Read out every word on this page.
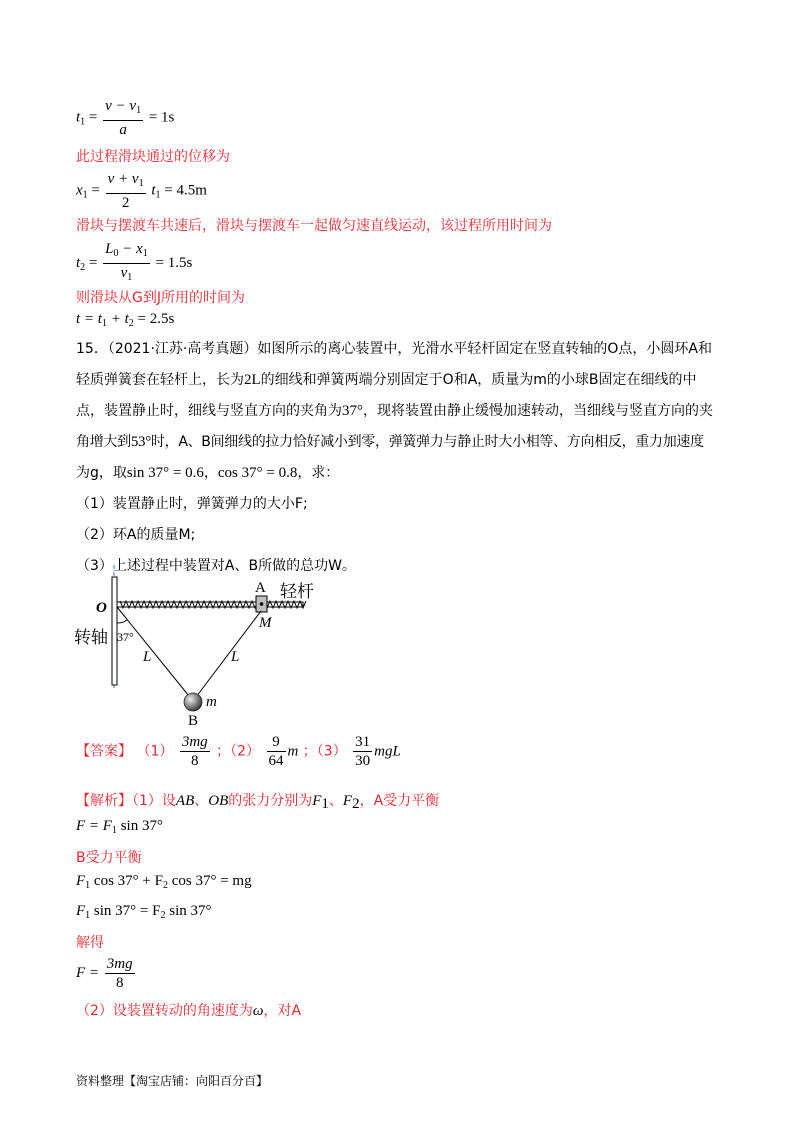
$t_1 = \frac{v - v_1}{a} = 1s$
此过程滑块通过的位移为
$x_1 = \frac{v + v_1}{2} t_1 = 4.5m$
滑块与摆渡车共速后，滑块与摆渡车一起做匀速直线运动，该过程所用时间为
$t_2 = \frac{L_0 - x_1}{v_1} = 1.5s$
则滑块从G到J所用的时间为
$t = t_1 + t_2 = 2.5s$
15．（2021·江苏·高考真题）如图所示的离心装置中，光滑水平轻杆固定在竖直转轴的O点，小圆环A和
轻质弹簧套在轻杆上，长为2L的细线和弹簧两端分别固定于O和A，质量为m的小球B固定在细线的中
点，装置静止时，细线与竖直方向的夹角为37°，现将装置由静止缓慢加速转动，当细线与竖直方向的夹
角增大到53°时，A、B间细线的拉力恰好减小到零，弹簧弹力与静止时大小相等、方向相反，重力加速度
为g，取sin 37° = 0.6，cos 37° = 0.8，求：
（1）装置静止时，弹簧弹力的大小F;
（2）环A的质量M;
（3）上述过程中装置对A、B所做的总功W。
A 轻杆
O
M
转轴 37°
L	L
m
B
【答案】 $(1) \frac{3mg}{8}$ ；$(2) \frac{9}{64}$ m ；$(3) \frac{31}{30}$ mgL
【解析】（1）设AB、OB的张力分别为$F_1$、$F_2$，A受力平衡
$F = F_1$ sin 37°
B受力平衡
$F_1$ $\cos 37^\circ + F_2$ cos 37° = mg
$F_1$ $\sin 37^\circ = F_2$ sin 37°
解得
$F = \frac{3mg}{8}$
（2）设装置转动的角速度为ω，对A
资料整理【淘宝店铺：向阳百分百】
